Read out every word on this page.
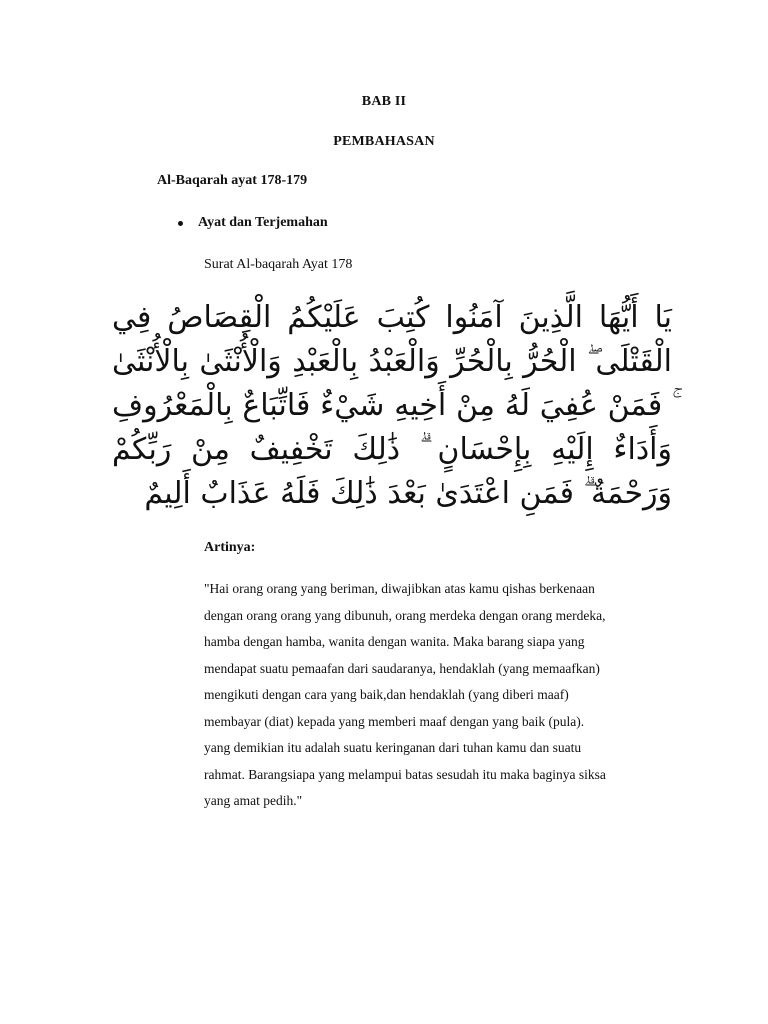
BAB II
PEMBAHASAN
Al-Baqarah ayat 178-179
Ayat dan Terjemahan
Surat Al-baqarah Ayat 178
يَا أَيُّهَا الَّذِينَ آمَنُوا كُتِبَ عَلَيْكُمُ الْقِصَاصُ فِي الْقَتْلَى ۖ الْحُرُّ بِالْحُرِّ وَالْعَبْدُ بِالْعَبْدِ وَالْأُنْثَىٰ بِالْأُنْثَىٰ ۚ فَمَنْ عُفِيَ لَهُ مِنْ أَخِيهِ شَيْءٌ فَاتِّبَاعٌ بِالْمَعْرُوفِ وَأَدَاءٌ إِلَيْهِ بِإِحْسَانٍ ۗ ذَٰلِكَ تَخْفِيفٌ مِنْ رَبِّكُمْ وَرَحْمَةٌ ۗ فَمَنِ اعْتَدَىٰ بَعْدَ ذَٰلِكَ فَلَهُ عَذَابٌ أَلِيمٌ
Artinya:
"Hai orang orang yang beriman, diwajibkan atas kamu qishas berkenaan
dengan orang orang yang dibunuh, orang merdeka dengan orang merdeka,
hamba dengan hamba, wanita dengan wanita. Maka barang siapa yang
mendapat suatu pemaafan dari saudaranya, hendaklah (yang memaafkan)
mengikuti dengan cara yang baik,dan hendaklah (yang diberi maaf)
membayar (diat) kepada yang memberi maaf dengan yang baik (pula).
yang demikian itu adalah suatu keringanan dari tuhan kamu dan suatu
rahmat. Barangsiapa yang melampui batas sesudah itu maka baginya siksa
yang amat pedih."
